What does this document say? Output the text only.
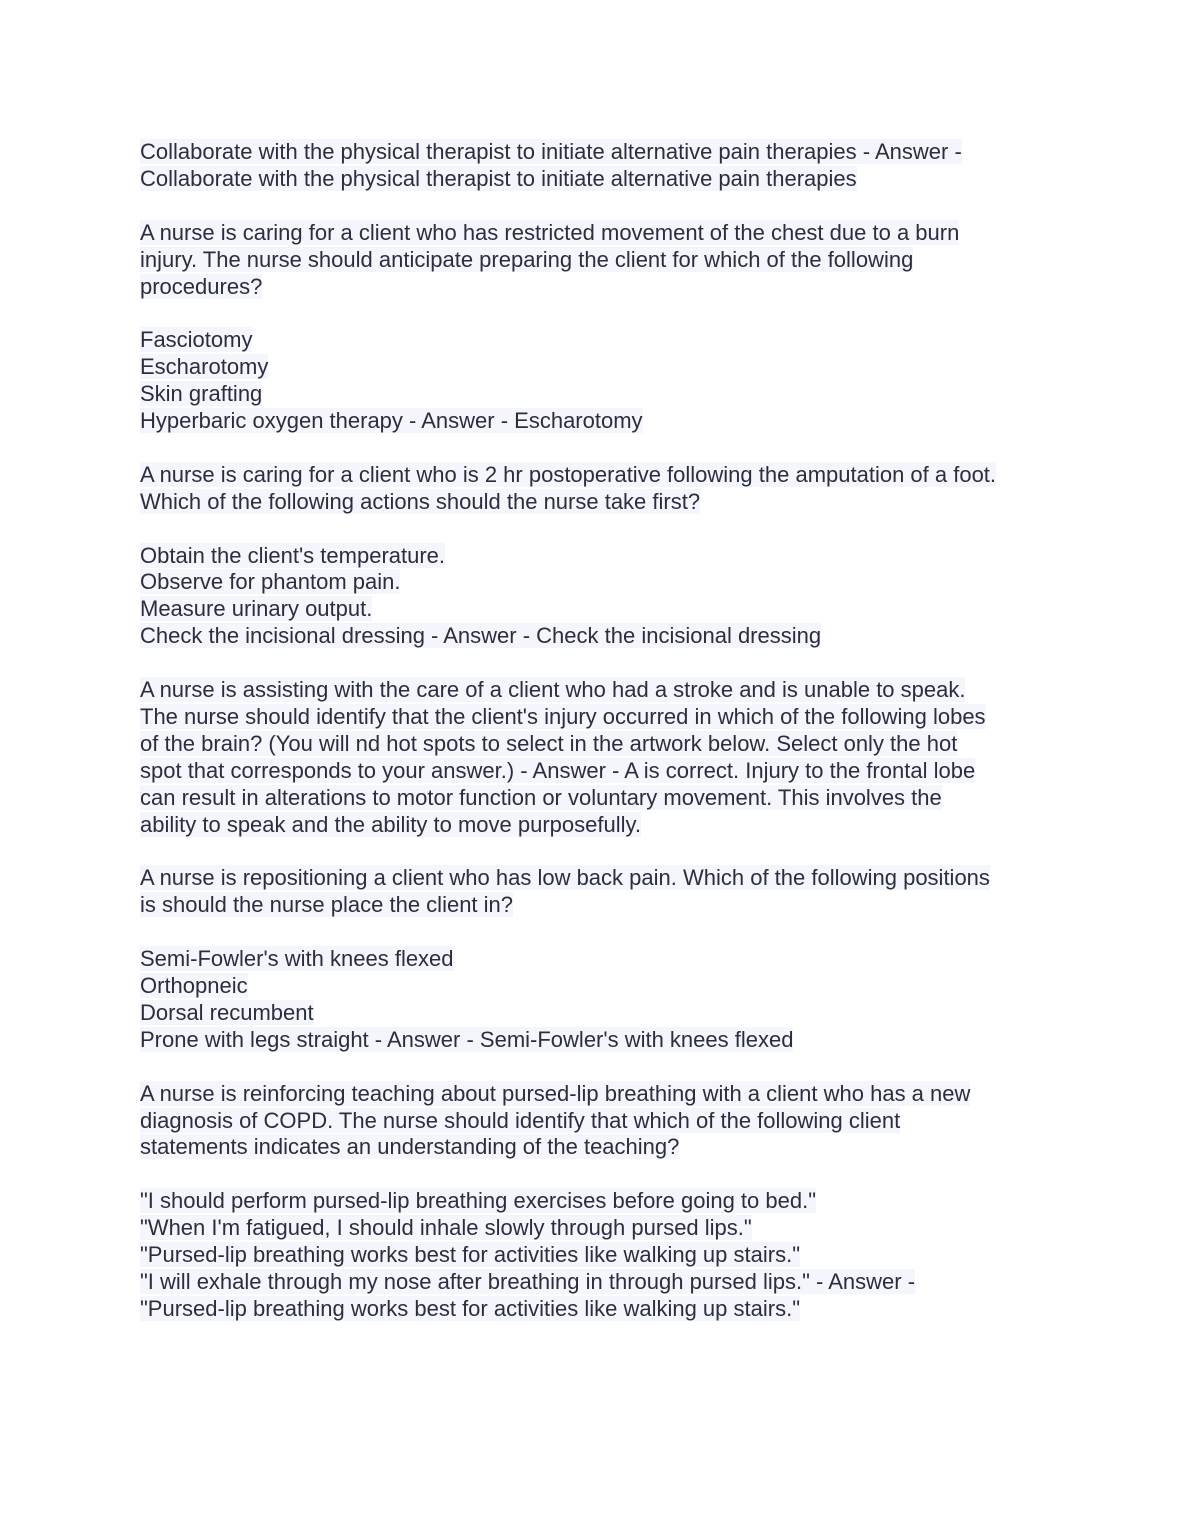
Collaborate with the physical therapist to initiate alternative pain therapies - Answer -
Collaborate with the physical therapist to initiate alternative pain therapies
A nurse is caring for a client who has restricted movement of the chest due to a burn
injury. The nurse should anticipate preparing the client for which of the following
procedures?
Fasciotomy
Escharotomy
Skin grafting
Hyperbaric oxygen therapy - Answer - Escharotomy
A nurse is caring for a client who is 2 hr postoperative following the amputation of a foot.
Which of the following actions should the nurse take first?
Obtain the client's temperature.
Observe for phantom pain.
Measure urinary output.
Check the incisional dressing - Answer - Check the incisional dressing
A nurse is assisting with the care of a client who had a stroke and is unable to speak.
The nurse should identify that the client's injury occurred in which of the following lobes
of the brain? (You will nd hot spots to select in the artwork below. Select only the hot
spot that corresponds to your answer.) - Answer - A is correct. Injury to the frontal lobe
can result in alterations to motor function or voluntary movement. This involves the
ability to speak and the ability to move purposefully.
A nurse is repositioning a client who has low back pain. Which of the following positions
is should the nurse place the client in?
Semi-Fowler's with knees flexed
Orthopneic
Dorsal recumbent
Prone with legs straight - Answer - Semi-Fowler's with knees flexed
A nurse is reinforcing teaching about pursed-lip breathing with a client who has a new
diagnosis of COPD. The nurse should identify that which of the following client
statements indicates an understanding of the teaching?
"I should perform pursed-lip breathing exercises before going to bed."
"When I'm fatigued, I should inhale slowly through pursed lips."
"Pursed-lip breathing works best for activities like walking up stairs."
"I will exhale through my nose after breathing in through pursed lips." - Answer -
"Pursed-lip breathing works best for activities like walking up stairs."
